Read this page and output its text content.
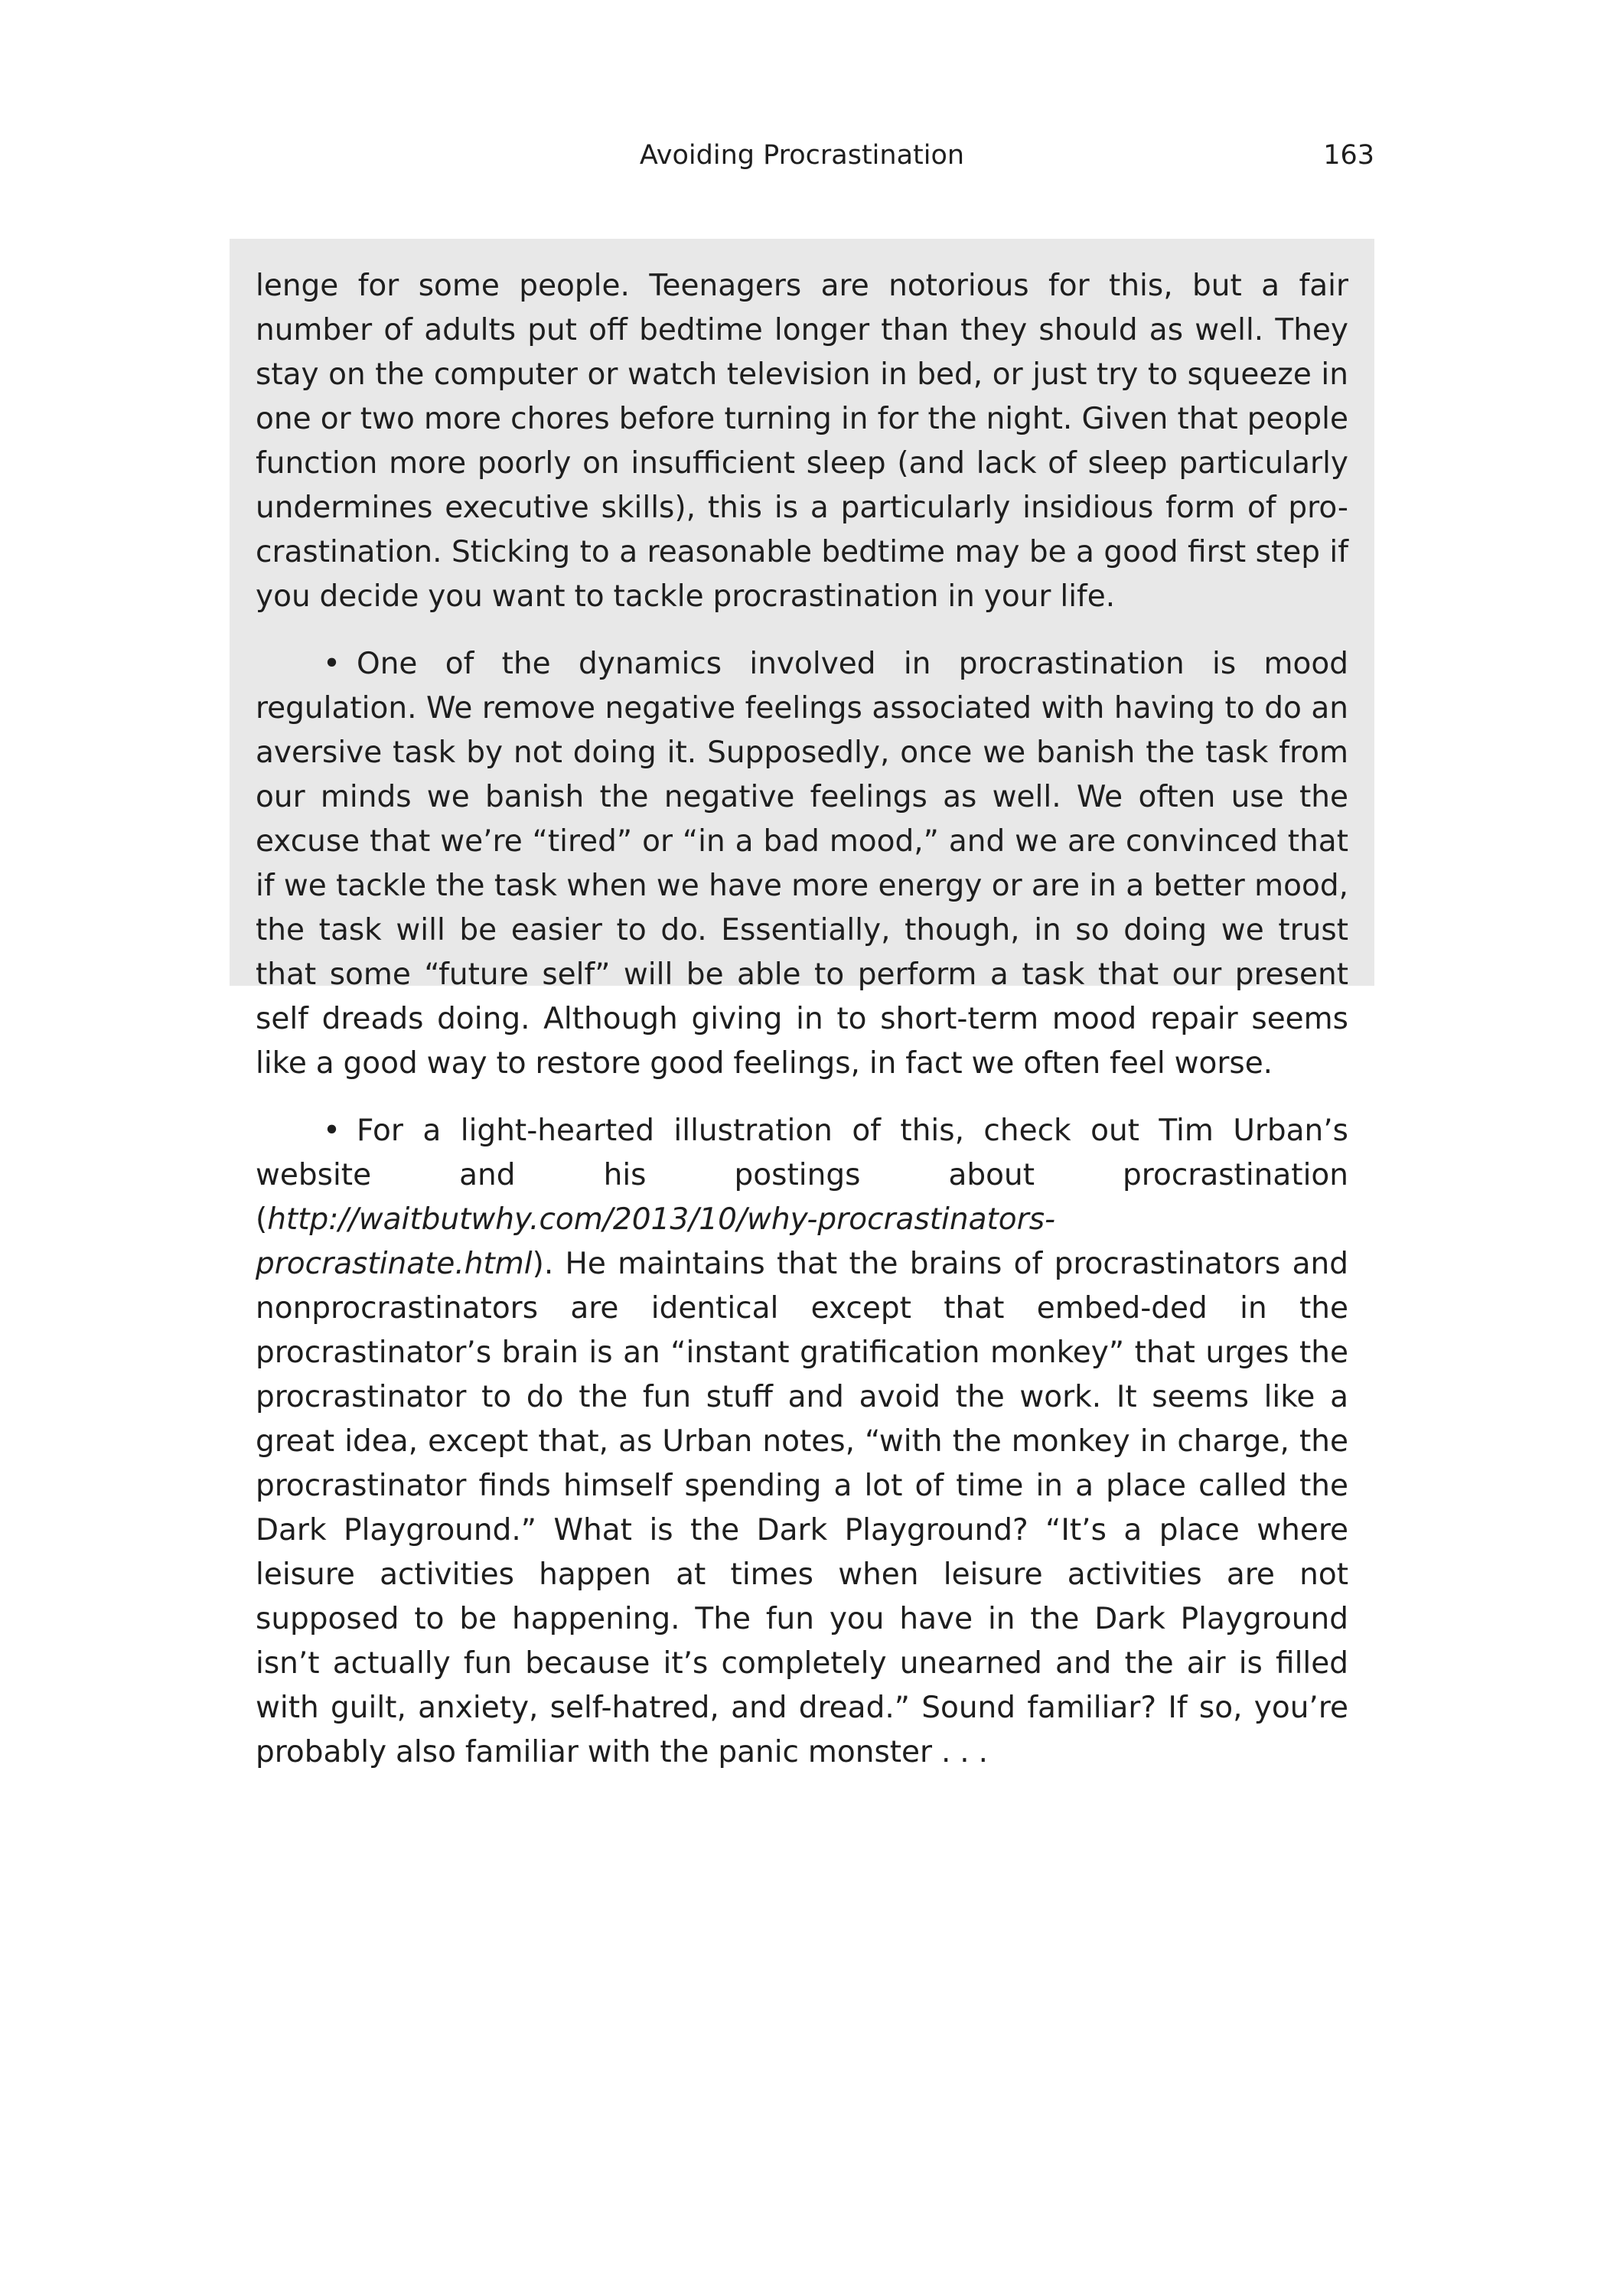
Avoiding Procrastination	163

lenge for some people. Teenagers are notorious for this, but a fair number of adults put off bedtime longer than they should as well. They stay on the computer or watch television in bed, or just try to squeeze in one or two more chores before turning in for the night. Given that people function more poorly on insufficient sleep (and lack of sleep particularly undermines executive skills), this is a particularly insidious form of pro-crastination. Sticking to a reasonable bedtime may be a good first step if you decide you want to tackle procrastination in your life.

• One of the dynamics involved in procrastination is mood regulation. We remove negative feelings associated with having to do an aversive task by not doing it. Supposedly, once we banish the task from our minds we banish the negative feelings as well. We often use the excuse that we’re “tired” or “in a bad mood,” and we are convinced that if we tackle the task when we have more energy or are in a better mood, the task will be easier to do. Essentially, though, in so doing we trust that some “future self” will be able to perform a task that our present self dreads doing. Although giving in to short-term mood repair seems like a good way to restore good feelings, in fact we often feel worse.

• For a light-hearted illustration of this, check out Tim Urban’s website and his postings about procrastination (http://waitbutwhy.com/2013/10/why-procrastinators-procrastinate.html). He maintains that the brains of procrastinators and nonprocrastinators are identical except that embed-ded in the procrastinator’s brain is an “instant gratification monkey” that urges the procrastinator to do the fun stuff and avoid the work. It seems like a great idea, except that, as Urban notes, “with the monkey in charge, the procrastinator finds himself spending a lot of time in a place called the Dark Playground.” What is the Dark Playground? “It’s a place where leisure activities happen at times when leisure activities are not supposed to be happening. The fun you have in the Dark Playground isn’t actually fun because it’s completely unearned and the air is filled with guilt, anxiety, self-hatred, and dread.” Sound familiar? If so, you’re probably also familiar with the panic monster . . .
